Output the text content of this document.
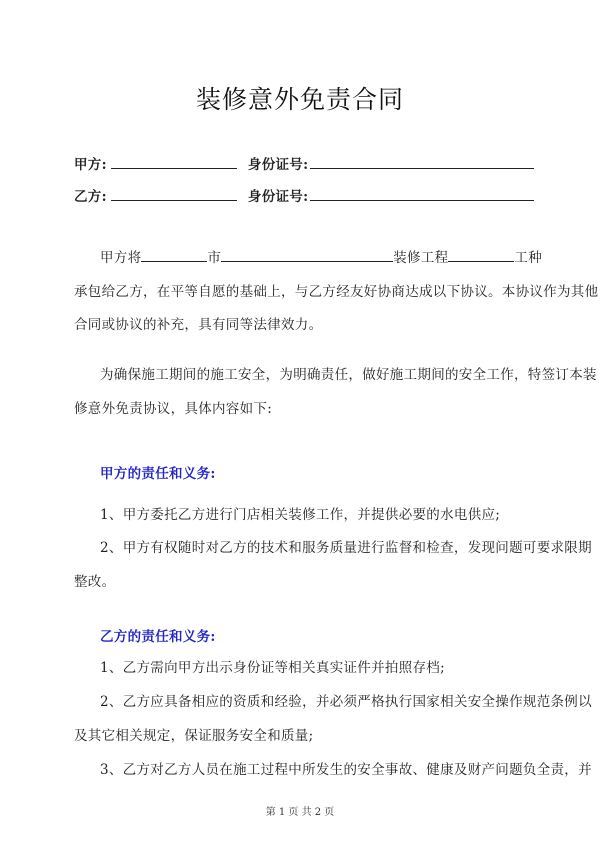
装修意外免责合同
甲方:	身份证号:
乙方:	身份证号:
甲方将	市	装修工程	工种
承包给乙方，在平等自愿的基础上，与乙方经友好协商达成以下协议。本协议作为其他
合同或协议的补充，具有同等法律效力。
为确保施工期间的施工安全，为明确责任，做好施工期间的安全工作，特签订本装
修意外免责协议，具体内容如下:
甲方的责任和义务:
1、甲方委托乙方进行门店相关装修工作，并提供必要的水电供应;
2、甲方有权随时对乙方的技术和服务质量进行监督和检查，发现问题可要求限期
整改。
乙方的责任和义务:
1、乙方需向甲方出示身份证等相关真实证件并拍照存档;
2、乙方应具备相应的资质和经验，并必须严格执行国家相关安全操作规范条例以
及其它相关规定，保证服务安全和质量;
3、乙方对乙方人员在施工过程中所发生的安全事故、健康及财产问题负全责，并
第 1 页 共 2 页
